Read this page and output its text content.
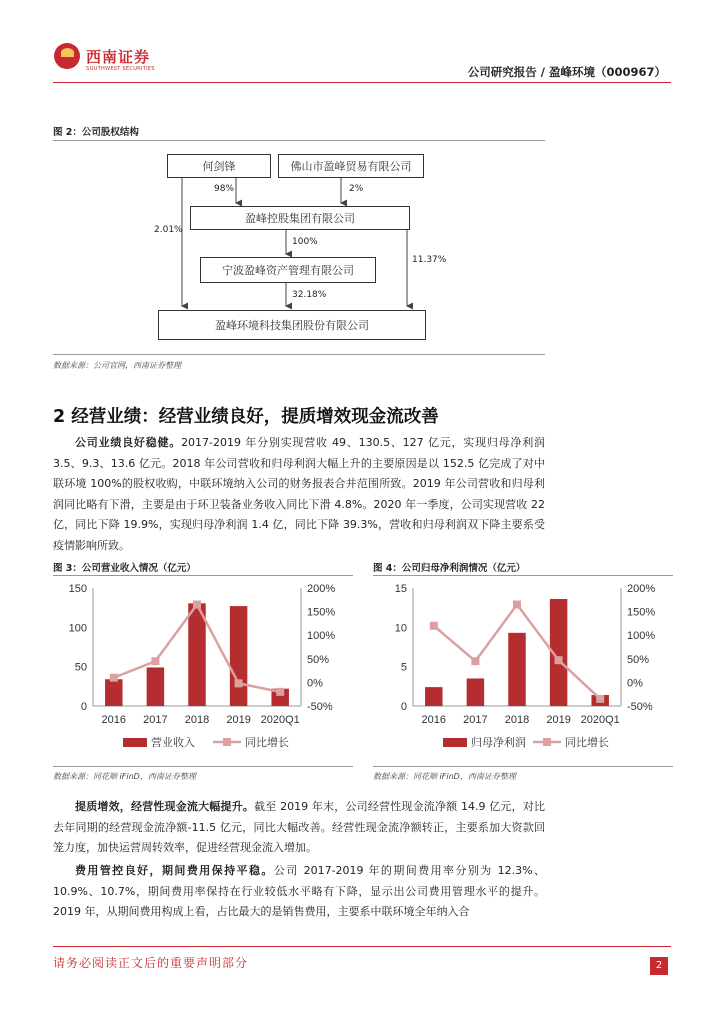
西南证券
SOUTHWEST SECURITIES	公司研究报告 / 盈峰环境（000967）
图 2：公司股权结构
何剑锋	佛山市盈峰贸易有限公司
盈峰控股集团有限公司
宁波盈峰资产管理有限公司
盈峰环境科技集团股份有限公司
98%	2%
2.01%
100%
11.37%
32.18%
数据来源：公司官网，西南证券整理
2 经营业绩：经营业绩良好，提质增效现金流改善
公司业绩良好稳健。2017-2019 年分别实现营收 49、130.5、127 亿元，实现归母净利润 3.5、9.3、13.6 亿元。2018 年公司营收和归母利润大幅上升的主要原因是以 152.5 亿完成了对中联环境 100%的股权收购，中联环境纳入公司的财务报表合并范围所致。2019 年公司营收和归母利润同比略有下滑，主要是由于环卫装备业务收入同比下滑 4.8%。2020 年一季度，公司实现营收 22 亿，同比下降 19.9%，实现归母净利润 1.4 亿，同比下降 39.3%，营收和归母利润双下降主要系受疫情影响所致。
图 3：公司营业收入情况（亿元）	图 4：公司归母净利润情况（亿元）
0
50
100
150
-50%
0%
50%
100%
150%
200%
2016 2017 2018 2019 2020Q1
营业收入	同比增长
0
5
10
15
-50%
0%
50%
100%
150%
200%
2016 2017 2018 2019 2020Q1
归母净利润	同比增长
数据来源：同花顺 iFinD，西南证券整理	数据来源：同花顺 iFinD，西南证券整理
提质增效，经营性现金流大幅提升。截至 2019 年末，公司经营性现金流净额 14.9 亿元，对比去年同期的经营现金流净额-11.5 亿元，同比大幅改善。经营性现金流净额转正，主要系加大资款回笼力度，加快运营周转效率，促进经营现金流入增加。
费用管控良好，期间费用保持平稳。公司 2017-2019 年的期间费用率分别为 12.3%、10.9%、10.7%，期间费用率保持在行业较低水平略有下降，显示出公司费用管理水平的提升。2019 年，从期间费用构成上看，占比最大的是销售费用，主要系中联环境全年纳入合
请务必阅读正文后的重要声明部分	2
